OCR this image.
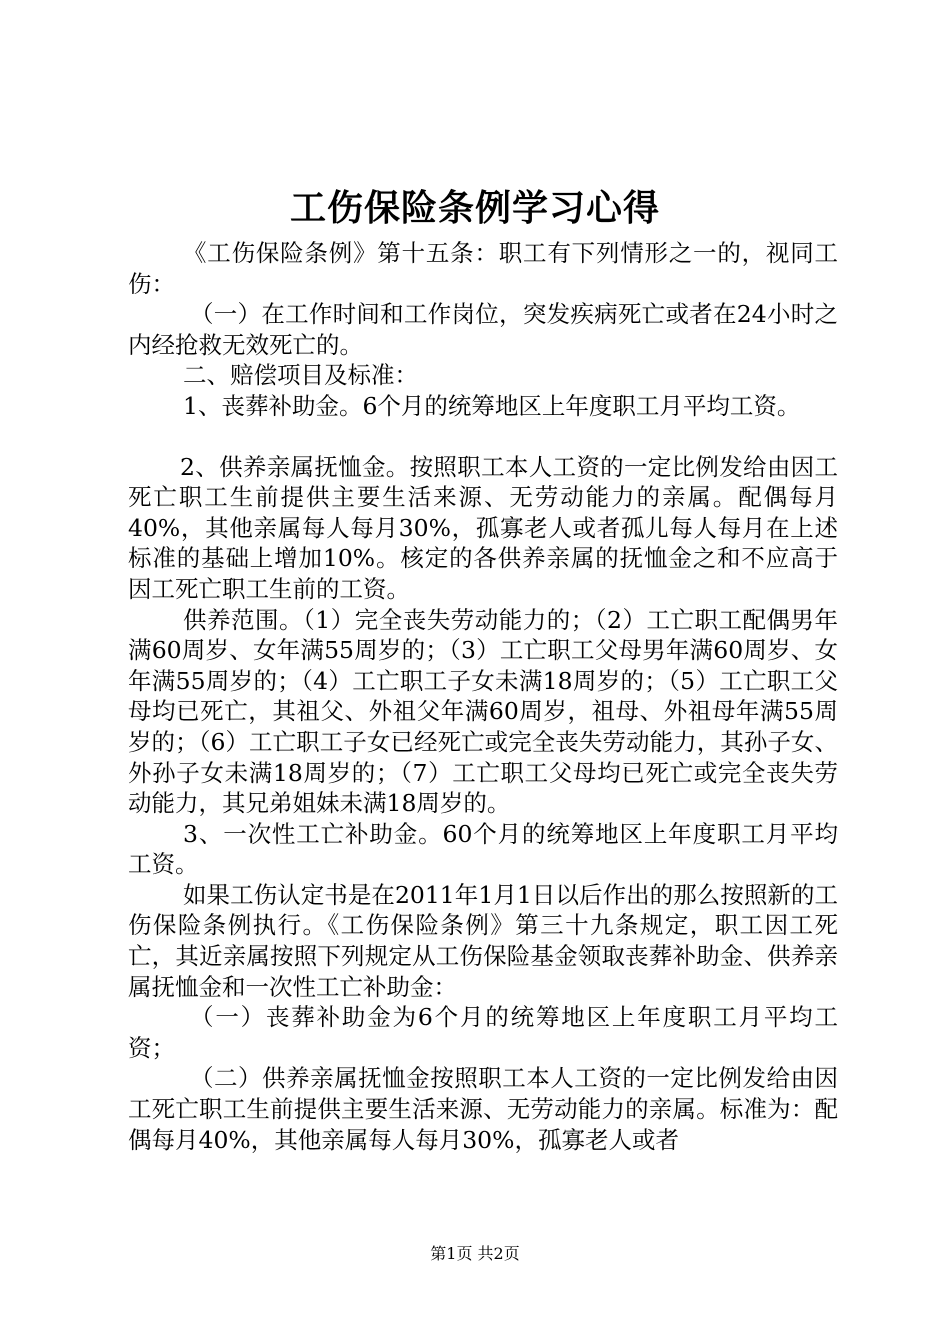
工伤保险条例学习心得

《工伤保险条例》第十五条：职工有下列情形之一的，视同工伤：

（一）在工作时间和工作岗位，突发疾病死亡或者在24小时之内经抢救无效死亡的。

二、赔偿项目及标准：

1、丧葬补助金。6个月的统筹地区上年度职工月平均工资。

2、供养亲属抚恤金。按照职工本人工资的一定比例发给由因工死亡职工生前提供主要生活来源、无劳动能力的亲属。配偶每月40%，其他亲属每人每月30%，孤寡老人或者孤儿每人每月在上述标准的基础上增加10%。核定的各供养亲属的抚恤金之和不应高于因工死亡职工生前的工资。

供养范围。（1）完全丧失劳动能力的；（2）工亡职工配偶男年满60周岁、女年满55周岁的；（3）工亡职工父母男年满60周岁、女年满55周岁的；（4）工亡职工子女未满18周岁的；（5）工亡职工父母均已死亡，其祖父、外祖父年满60周岁，祖母、外祖母年满55周岁的；（6）工亡职工子女已经死亡或完全丧失劳动能力，其孙子女、外孙子女未满18周岁的；（7）工亡职工父母均已死亡或完全丧失劳动能力，其兄弟姐妹未满18周岁的。

3、一次性工亡补助金。60个月的统筹地区上年度职工月平均工资。

如果工伤认定书是在2011年1月1日以后作出的那么按照新的工伤保险条例执行。《工伤保险条例》第三十九条规定，职工因工死亡，其近亲属按照下列规定从工伤保险基金领取丧葬补助金、供养亲属抚恤金和一次性工亡补助金：

（一）丧葬补助金为6个月的统筹地区上年度职工月平均工资；

（二）供养亲属抚恤金按照职工本人工资的一定比例发给由因工死亡职工生前提供主要生活来源、无劳动能力的亲属。标准为：配偶每月40%，其他亲属每人每月30%，孤寡老人或者

第1页 共2页
